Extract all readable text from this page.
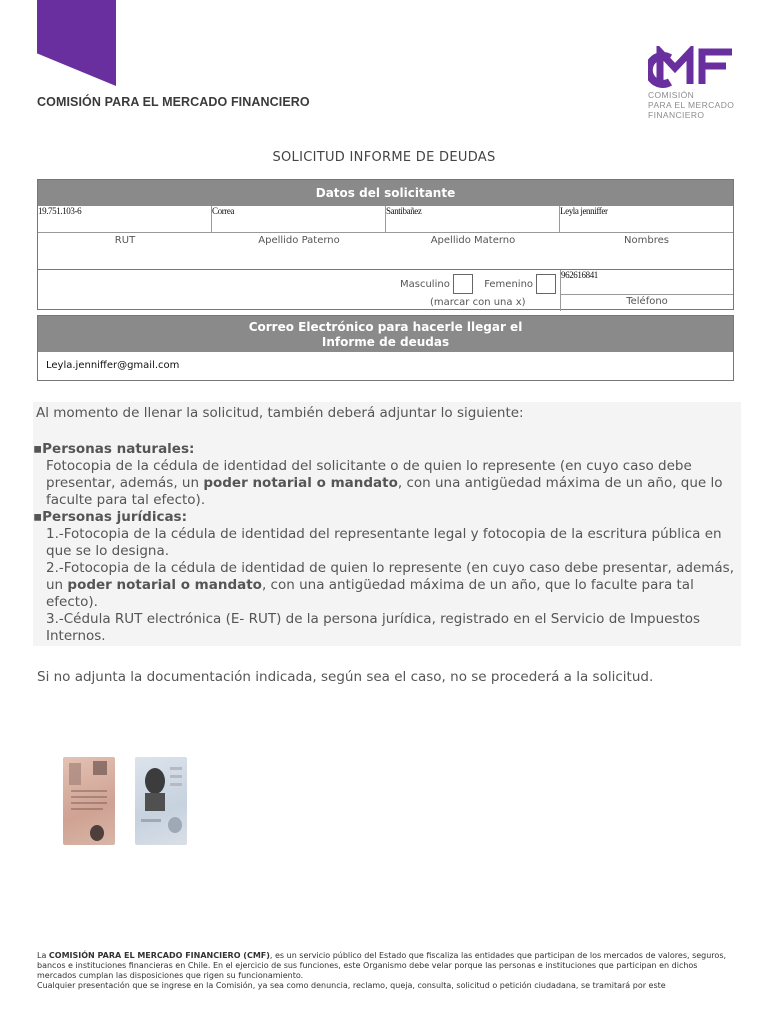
COMISIÓN PARA EL MERCADO FINANCIERO	COMISIÓN
PARA EL MERCADO
FINANCIERO
SOLICITUD INFORME DE DEUDAS
Datos del solicitante
19.751.103-6	Correa	Santibañez	Leyla jenniffer
RUT	Apellido Paterno	Apellido Materno	Nombres
Masculino	Femenino
(marcar con una x)
962616841
Teléfono
Correo Electrónico para hacerle llegar el
Informe de deudas
Leyla.jenniffer@gmail.com

Al momento de llenar la solicitud, también deberá adjuntar lo siguiente:

▪Personas naturales:

Fotocopia de la cédula de identidad del solicitante o de quien lo represente (en cuyo caso debe presentar, además, un poder notarial o mandato, con una antigüedad máxima de un año, que lo faculte para tal efecto).

▪Personas jurídicas:

1.-Fotocopia de la cédula de identidad del representante legal y fotocopia de la escritura pública en que se lo designa.

2.-Fotocopia de la cédula de identidad de quien lo represente (en cuyo caso debe presentar, además, un poder notarial o mandato, con una antigüedad máxima de un año, que lo faculte para tal efecto).

3.-Cédula RUT electrónica (E- RUT) de la persona jurídica, registrado en el Servicio de Impuestos Internos.

Si no adjunta la documentación indicada, según sea el caso, no se procederá a la solicitud.
La COMISIÓN PARA EL MERCADO FINANCIERO (CMF), es un servicio público del Estado que fiscaliza las entidades que participan de los mercados de valores, seguros, bancos e instituciones financieras en Chile. En el ejercicio de sus funciones, este Organismo debe velar porque las personas e instituciones que participan en dichos mercados cumplan las disposiciones que rigen su funcionamiento.
Cualquier presentación que se ingrese en la Comisión, ya sea como denuncia, reclamo, queja, consulta, solicitud o petición ciudadana, se tramitará por este
